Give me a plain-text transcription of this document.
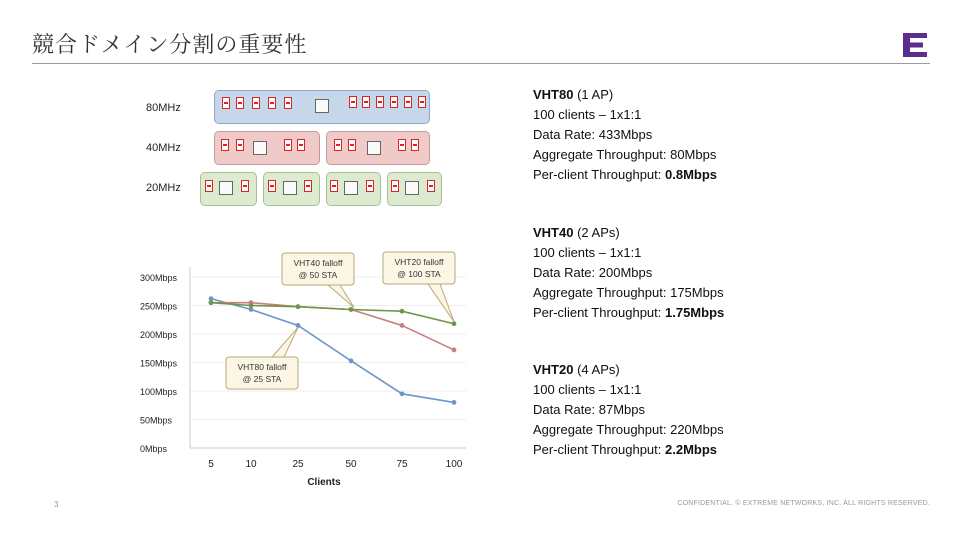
競合ドメイン分割の重要性
80MHz
40MHz
20MHz
300Mbps
250Mbps
200Mbps
150Mbps
100Mbps
50Mbps
0Mbps
5	10	25	50	75	100
VHT40 falloff
@ 50 STA
VHT20 falloff
@ 100 STA
VHT80 falloff
@ 25 STA
Clients
VHT80 (1 AP)
100 clients – 1x1:1
Data Rate: 433Mbps
Aggregate Throughput: 80Mbps
Per-client Throughput: 0.8Mbps
VHT40 (2 APs)
100 clients – 1x1:1
Data Rate: 200Mbps
Aggregate Throughput: 175Mbps
Per-client Throughput: 1.75Mbps
VHT20 (4 APs)
100 clients – 1x1:1
Data Rate: 87Mbps
Aggregate Throughput: 220Mbps
Per-client Throughput: 2.2Mbps
3	CONFIDENTIAL. © EXTREME NETWORKS, INC. ALL RIGHTS RESERVED.
